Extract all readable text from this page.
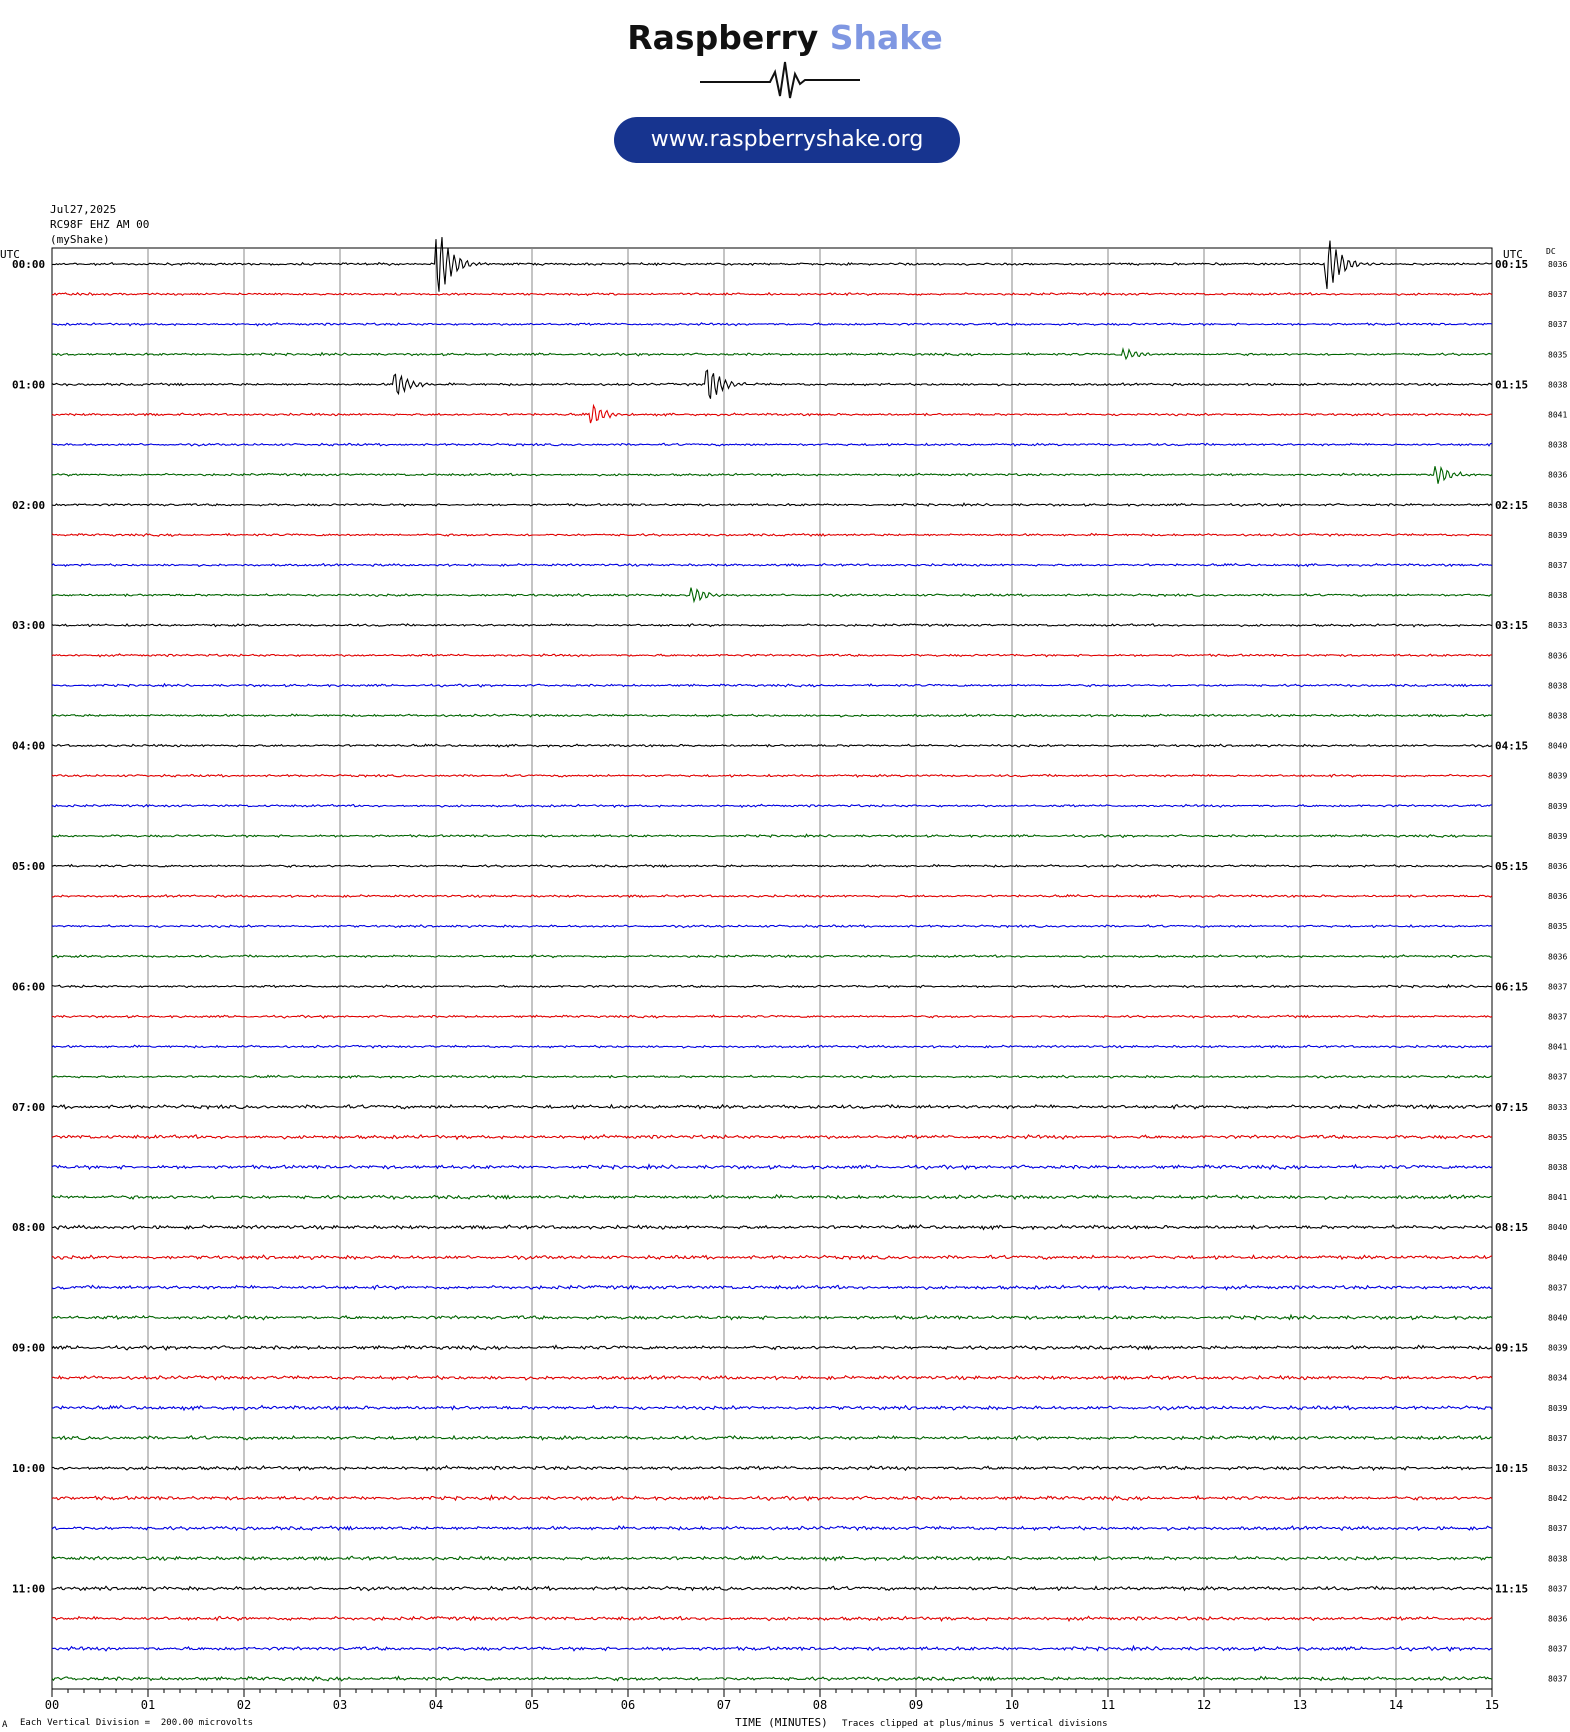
Raspberry Shake
www.raspberryshake.org
Jul27,2025
RC98F EHZ AM 00
(myShake)
00	01	02	03	04	05	06	07	08	09	10	11	12	13	14	15
UTC	UTC	DC
00:00	00:15 8036
8037
8037
8035
01:00	01:15 8038
8041
8038
8036
02:00	02:15 8038
8039
8037
8038
03:00	03:15 8033
8036
8038
8038
04:00	04:15 8040
8039
8039
8039
05:00	05:15 8036
8036
8035
8036
06:00	06:15 8037
8037
8041
8037
07:00	07:15 8033
8035
8038
8041
08:00	08:15 8040
8040
8037
8040
09:00	09:15 8039
8034
8039
8037
10:00	10:15 8032
8042
8037
8038
11:00	11:15 8037
8036
8037
8037
A Each Vertical Division =  200.00 microvolts	TIME (MINUTES) Traces clipped at plus/minus 5 vertical divisions
